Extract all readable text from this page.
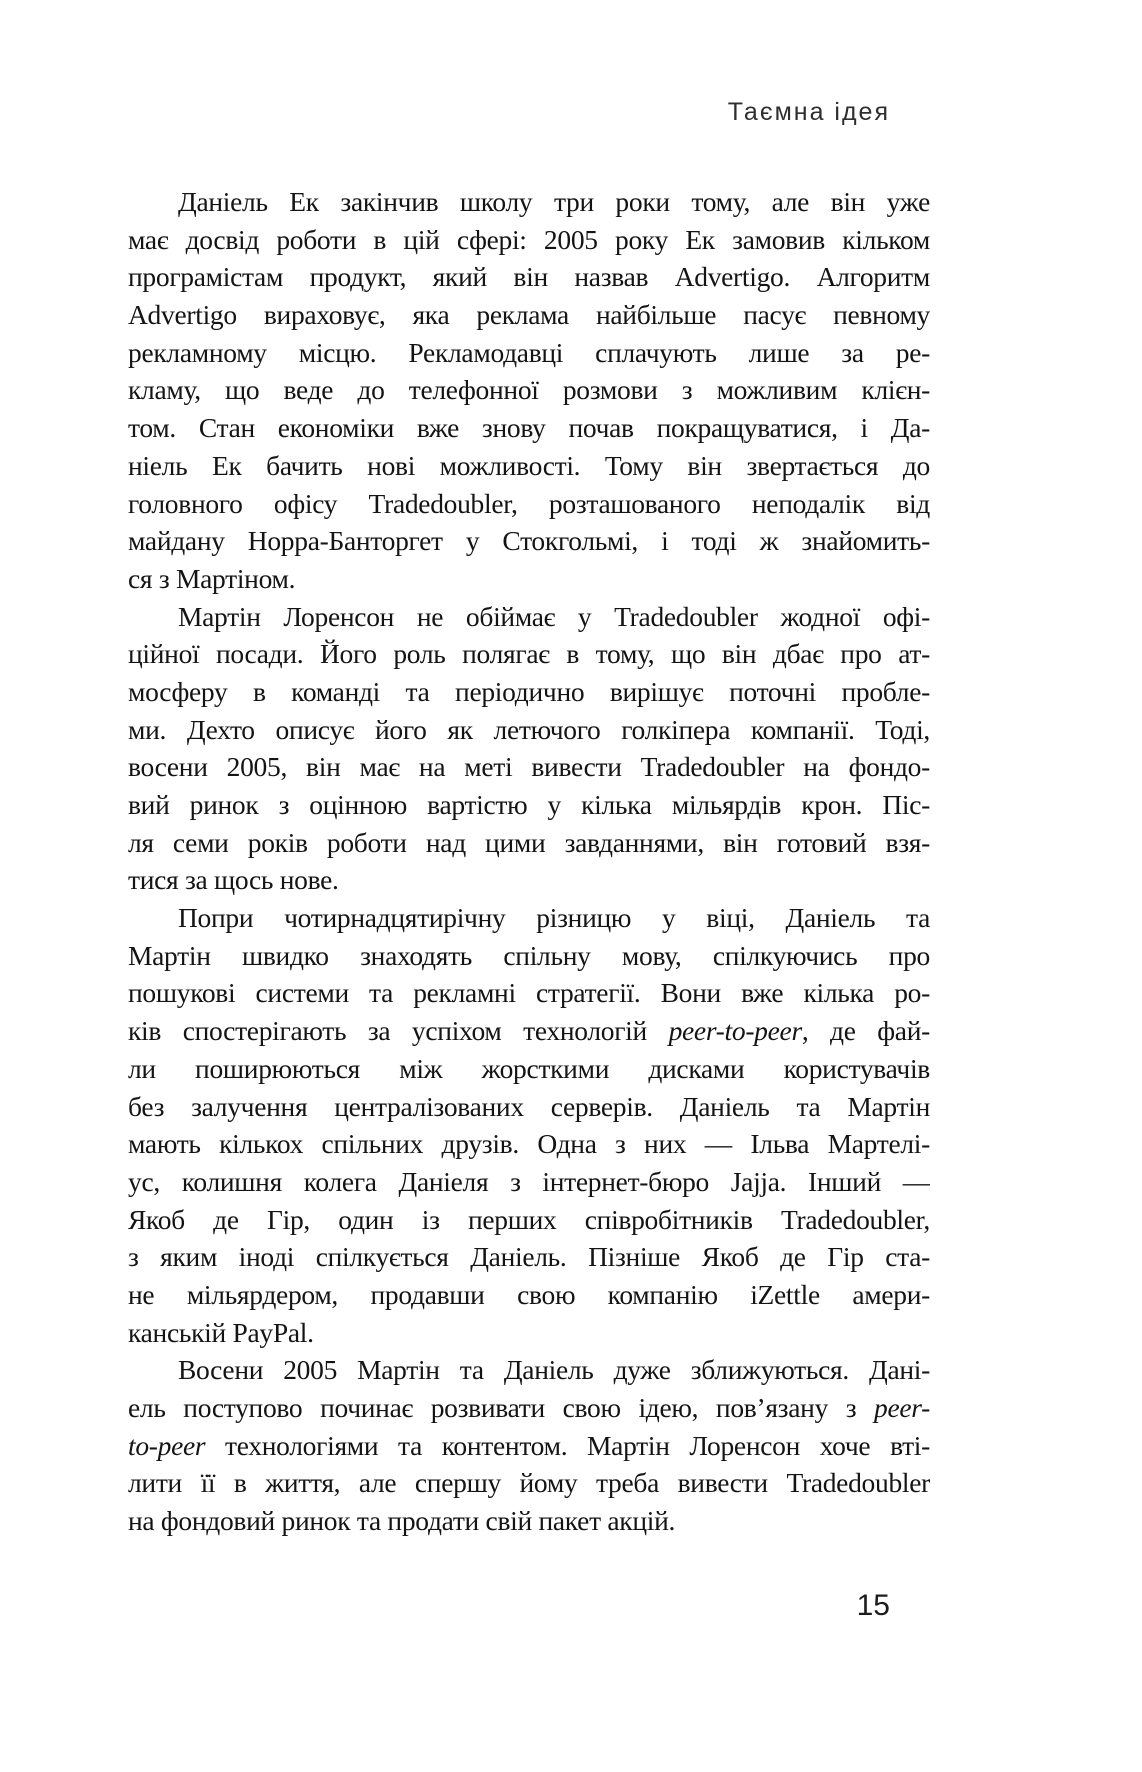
Таємна ідея
Даніель Ек закінчив школу три роки тому, але він уже
має досвід роботи в цій сфері: 2005 року Ек замовив кільком
програмістам продукт, який він назвав Advertigo. Алгоритм
Advertigo вираховує, яка реклама найбільше пасує певному
рекламному місцю. Рекламодавці сплачують лише за ре-
кламу, що веде до телефонної розмови з можливим клієн-
том. Стан економіки вже знову почав покращуватися, і Да-
ніель Ек бачить нові можливості. Тому він звертається до
головного офісу Tradedoubler, розташованого неподалік від
майдану Норра-Банторгет у Стокгольмі, і тоді ж знайомить-
ся з Мартіном.
Мартін Лоренсон не обіймає у Tradedoubler жодної офі-
ційної посади. Його роль полягає в тому, що він дбає про ат-
мосферу в команді та періодично вирішує поточні пробле-
ми. Дехто описує його як летючого голкіпера компанії. Тоді,
восени 2005, він має на меті вивести Tradedoubler на фондо-
вий ринок з оцінною вартістю у кілька мільярдів крон. Піс-
ля семи років роботи над цими завданнями, він готовий взя-
тися за щось нове.
Попри чотирнадцятирічну різницю у віці, Даніель та
Мартін швидко знаходять спільну мову, спілкуючись про
пошукові системи та рекламні стратегії. Вони вже кілька ро-
ків спостерігають за успіхом технологій peer-to-peer, де фай-
ли поширюються між жорсткими дисками користувачів
без залучення централізованих серверів. Даніель та Мартін
мають кількох спільних друзів. Одна з них — Ільва Мартелі-
ус, колишня колега Даніеля з інтернет-бюро Jajja. Інший —
Якоб де Гір, один із перших співробітників Tradedoubler,
з яким іноді спілкується Даніель. Пізніше Якоб де Гір ста-
не мільярдером, продавши свою компанію iZettle амери-
канській PayPal.
Восени 2005 Мартін та Даніель дуже зближуються. Дані-
ель поступово починає розвивати свою ідею, пов’язану з peer-
to-peer технологіями та контентом. Мартін Лоренсон хоче вті-
лити її в життя, але спершу йому треба вивести Tradedoubler
на фондовий ринок та продати свій пакет акцій.
15
